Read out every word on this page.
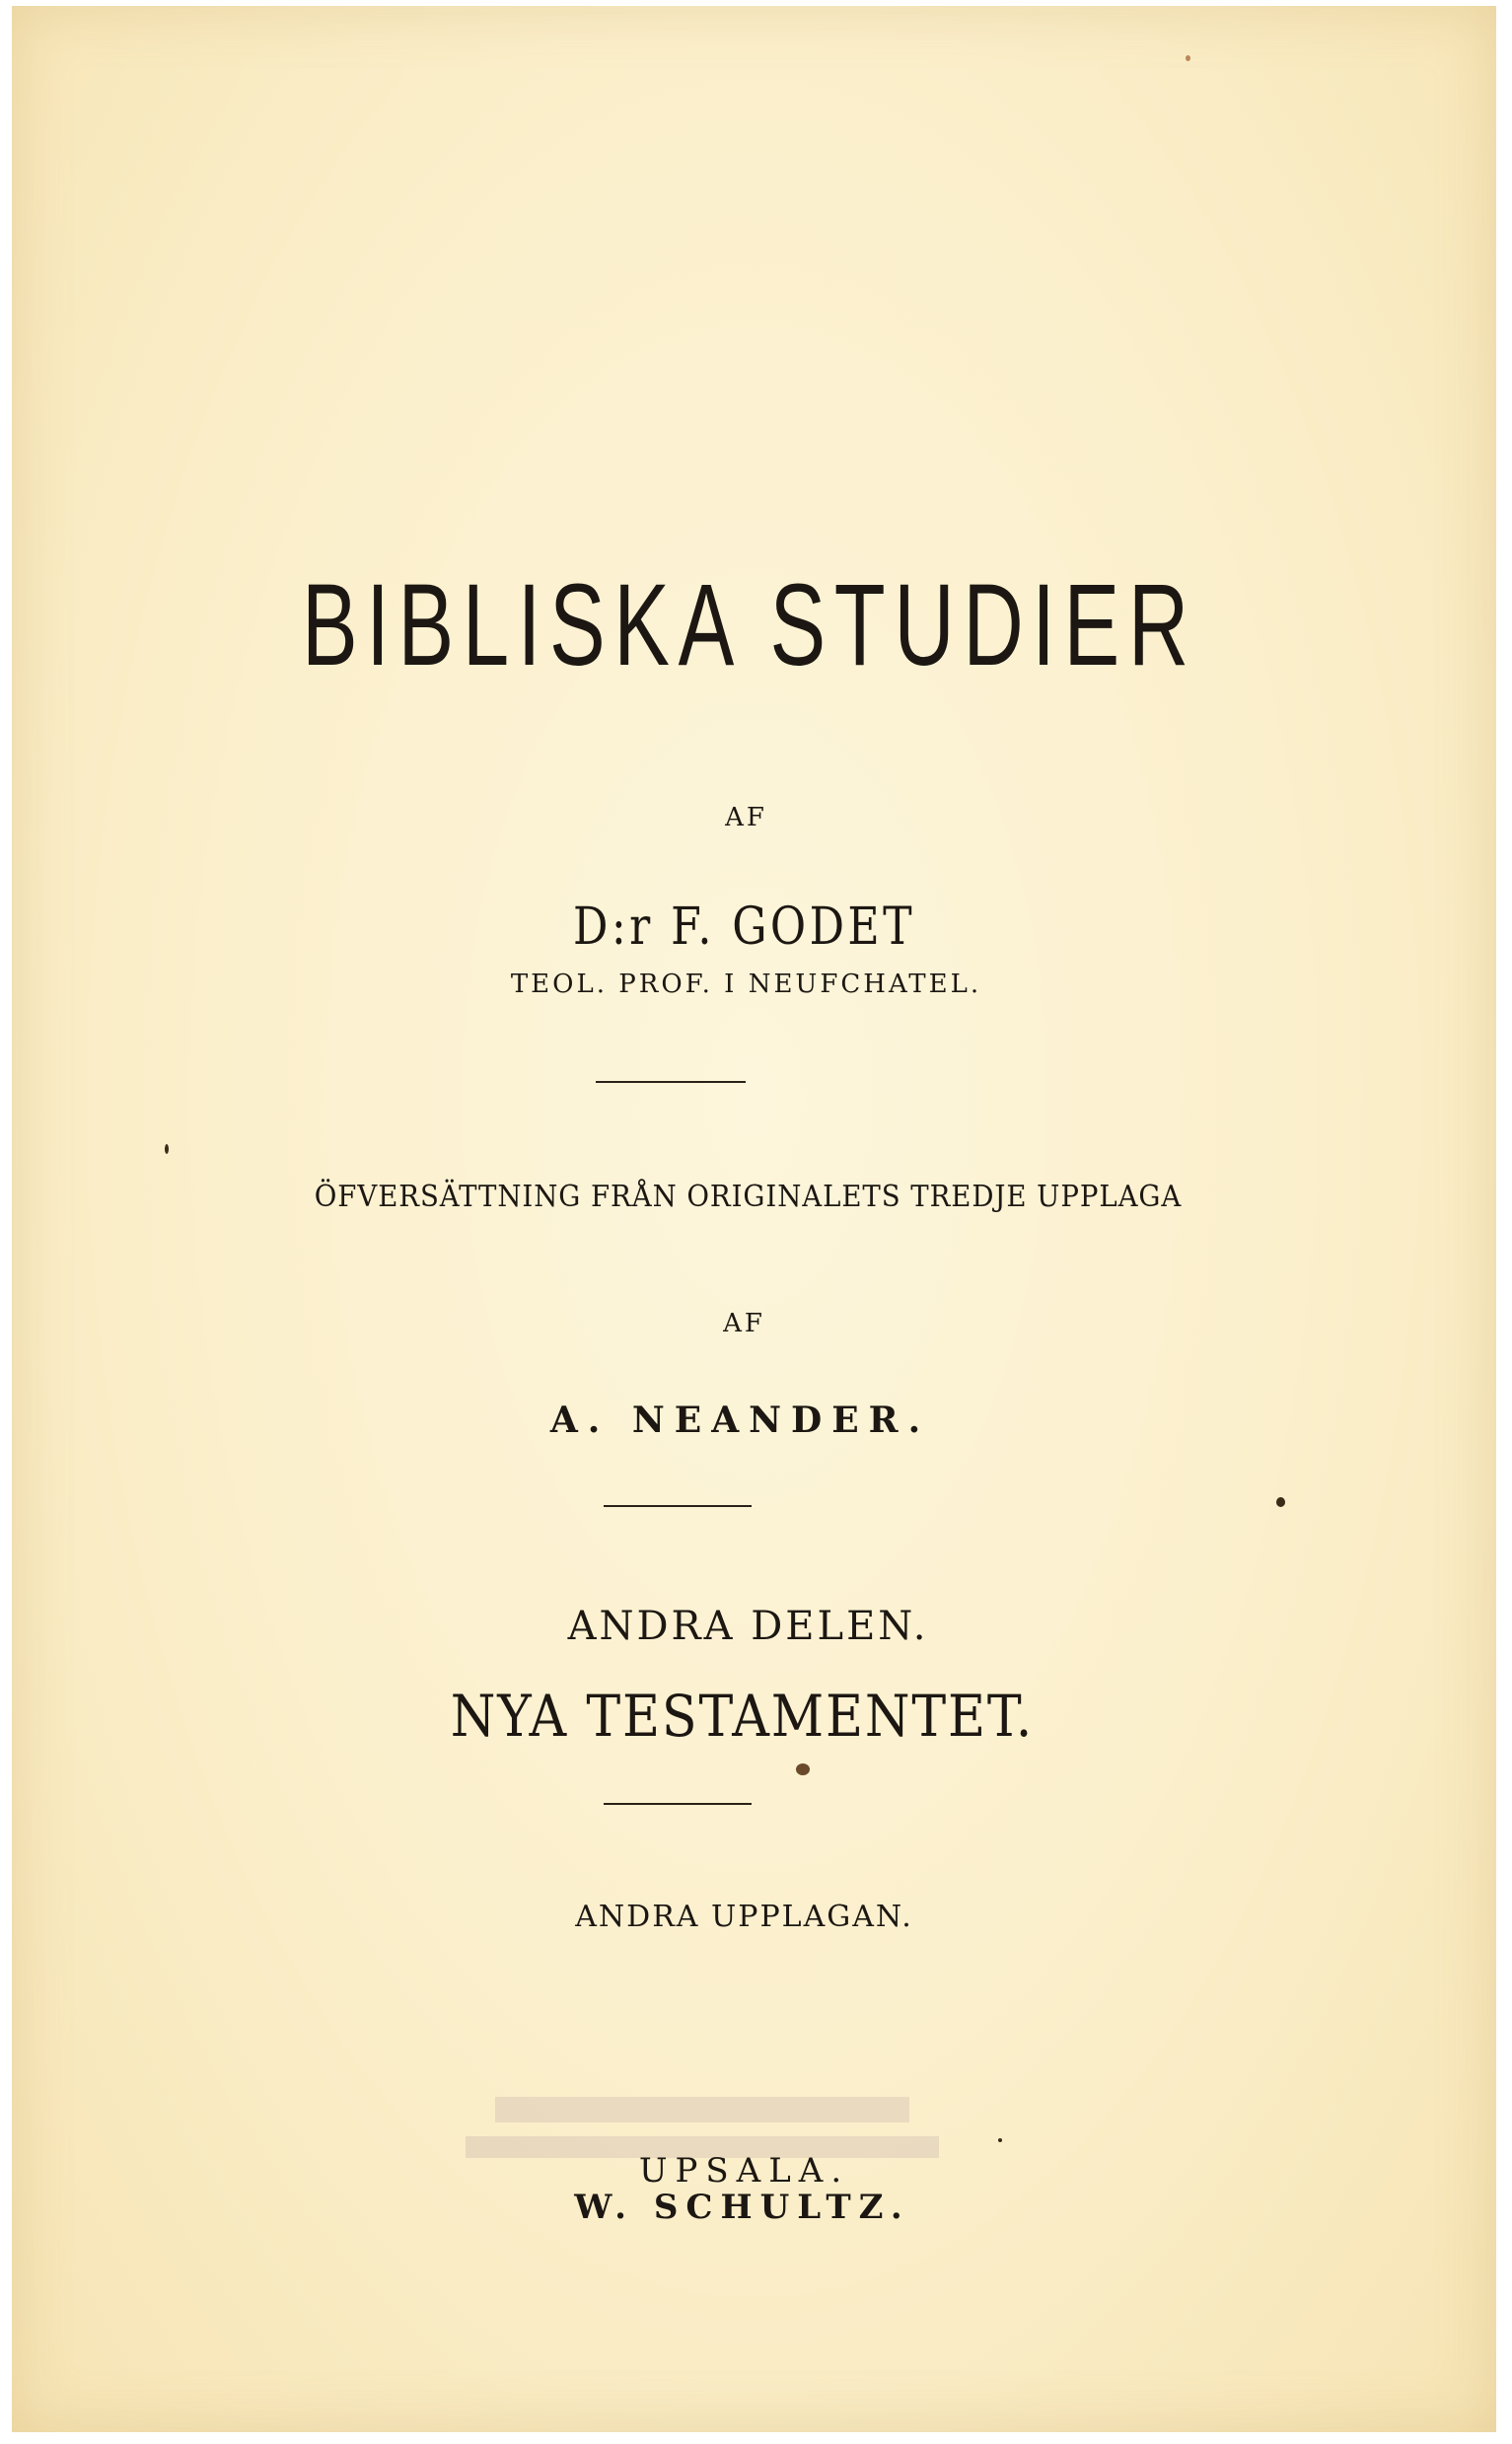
BIBLISKA STUDIER
AF
D:r F. GODET
TEOL. PROF. I NEUFCHATEL.
ÖFVERSÄTTNING FRÅN ORIGINALETS TREDJE UPPLAGA
AF
A. NEANDER.
ANDRA DELEN.
NYA TESTAMENTET.
ANDRA UPPLAGAN.
UPSALA.
W. SCHULTZ.
